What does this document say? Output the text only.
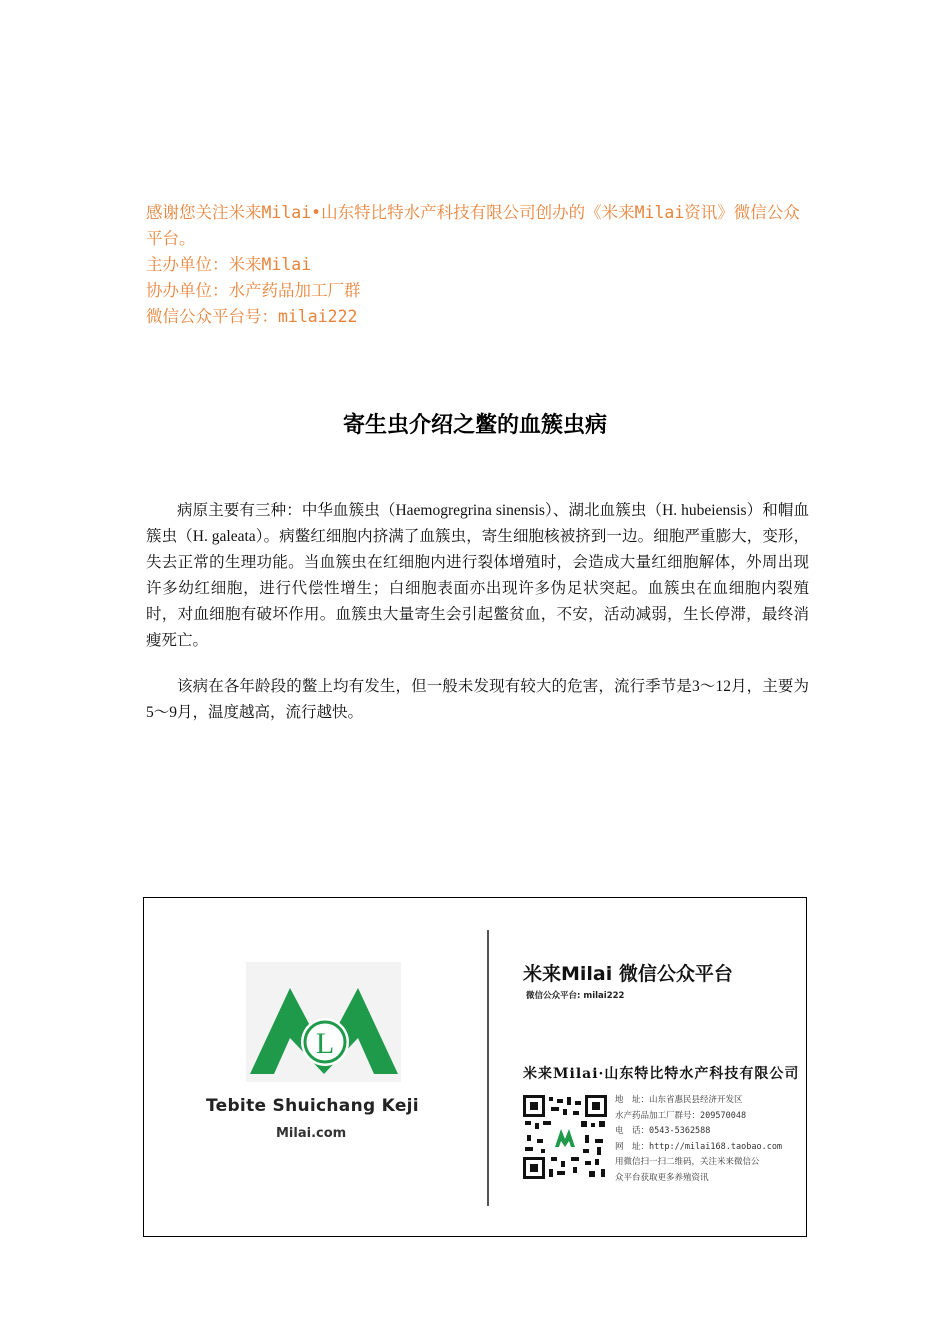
感谢您关注米来Milai•山东特比特水产科技有限公司创办的《米来Milai资讯》微信公众平台。
主办单位：米来Milai
协办单位：水产药品加工厂群
微信公众平台号：milai222
寄生虫介绍之鳖的血簇虫病

病原主要有三种：中华血簇虫（Haemogregrina sinensis）、湖北血簇虫（H. hubeiensis）和帽血簇虫（H. galeata）。病鳖红细胞内挤满了血簇虫，寄生细胞核被挤到一边。细胞严重膨大，变形，失去正常的生理功能。当血簇虫在红细胞内进行裂体增殖时，会造成大量红细胞解体，外周出现许多幼红细胞，进行代偿性增生；白细胞表面亦出现许多伪足状突起。血簇虫在血细胞内裂殖时，对血细胞有破坏作用。血簇虫大量寄生会引起鳖贫血，不安，活动减弱，生长停滞，最终消瘦死亡。

该病在各年龄段的鳖上均有发生，但一般未发现有较大的危害，流行季节是3～12月，主要为5～9月，温度越高，流行越快。

L
Tebite Shuichang Keji
Milai.com
米来Milai 微信公众平台
微信公众平台: milai222
米来Milai·山东特比特水产科技有限公司
地　址：山东省惠民县经济开发区
水产药品加工厂群号：209570048
电　话：0543-5362588
网　址：http://milai168.taobao.com
用微信扫一扫二维码，关注米来微信公
众平台获取更多养殖资讯
